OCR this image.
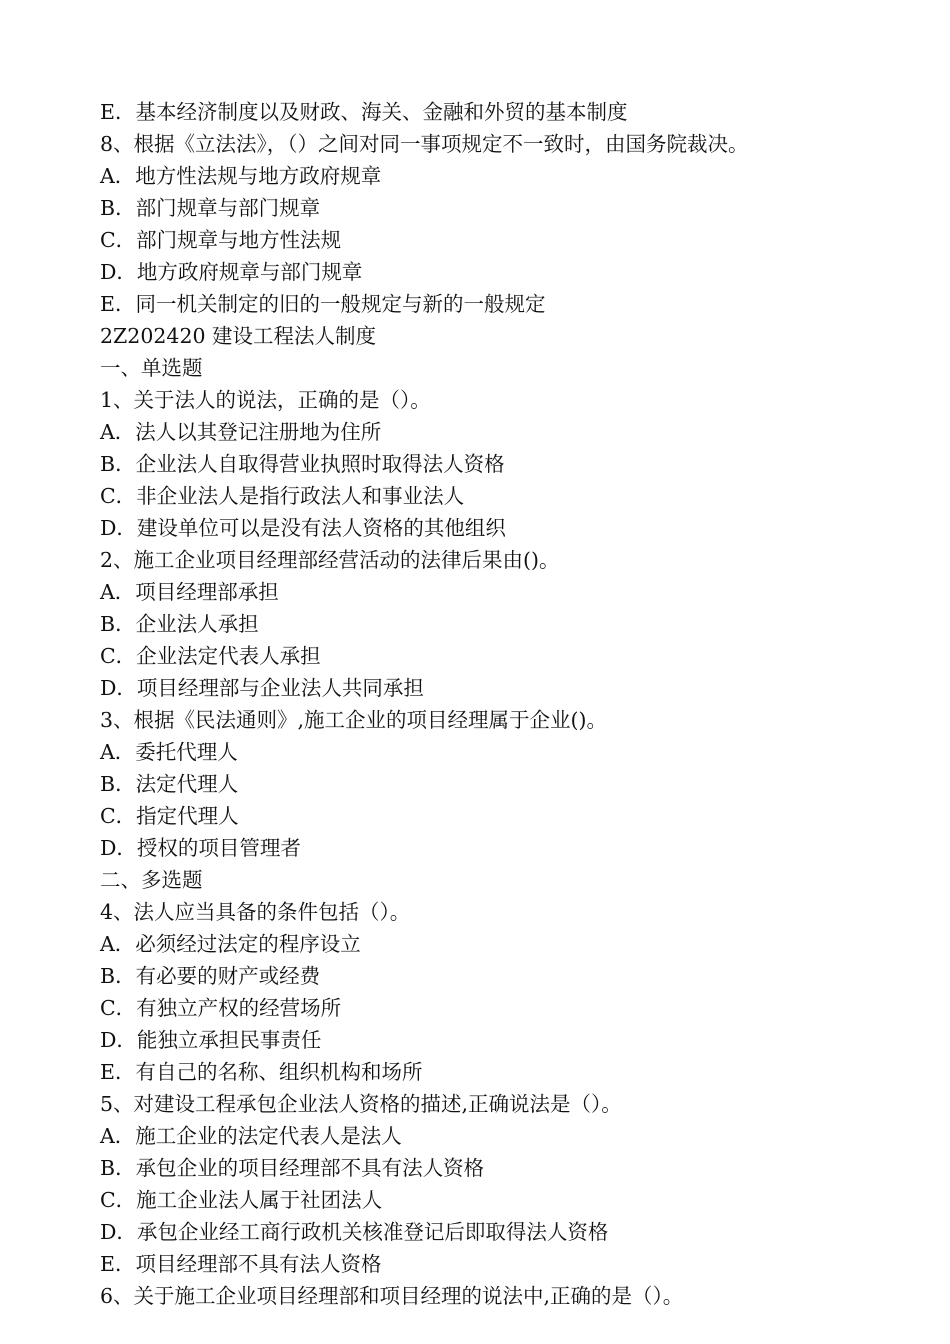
E．基本经济制度以及财政、海关、金融和外贸的基本制度
8、根据《立法法》，（）之间对同一事项规定不一致时，由国务院裁决。
A．地方性法规与地方政府规章
B．部门规章与部门规章
C．部门规章与地方性法规
D．地方政府规章与部门规章
E．同一机关制定的旧的一般规定与新的一般规定
2Z202420 建设工程法人制度
一、单选题
1、关于法人的说法，正确的是（）。
A．法人以其登记注册地为住所
B．企业法人自取得营业执照时取得法人资格
C．非企业法人是指行政法人和事业法人
D．建设单位可以是没有法人资格的其他组织
2、施工企业项目经理部经营活动的法律后果由()。
A．项目经理部承担
B．企业法人承担
C．企业法定代表人承担
D．项目经理部与企业法人共同承担
3、根据《民法通则》,施工企业的项目经理属于企业()。
A．委托代理人
B．法定代理人
C．指定代理人
D．授权的项目管理者
二、多选题
4、法人应当具备的条件包括（）。
A．必须经过法定的程序设立
B．有必要的财产或经费
C．有独立产权的经营场所
D．能独立承担民事责任
E．有自己的名称、组织机构和场所
5、对建设工程承包企业法人资格的描述,正确说法是（）。
A．施工企业的法定代表人是法人
B．承包企业的项目经理部不具有法人资格
C．施工企业法人属于社团法人
D．承包企业经工商行政机关核准登记后即取得法人资格
E．项目经理部不具有法人资格
6、关于施工企业项目经理部和项目经理的说法中,正确的是（）。
